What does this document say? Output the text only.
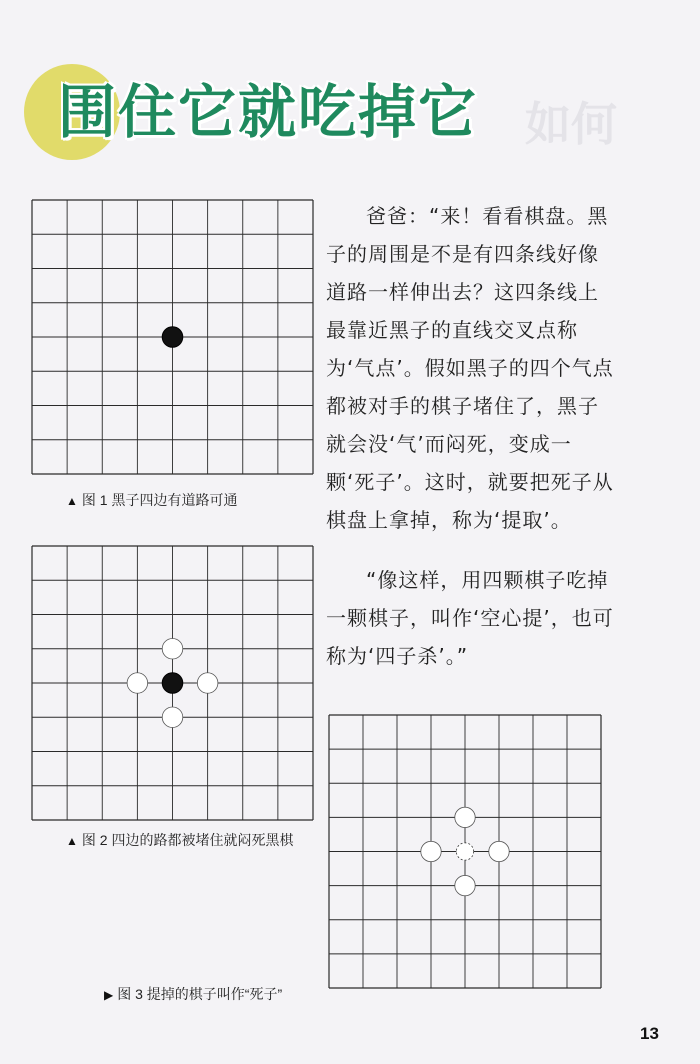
如何

围住它就吃掉它
▲ 图 1 黑子四边有道路可通
▲ 图 2 四边的路都被堵住就闷死黑棋
▶ 图 3 提掉的棋子叫作“死子”

爸爸：“来！看看棋盘。黑子的周围是不是有四条线好像道路一样伸出去？这四条线上最靠近黑子的直线交叉点称为‘气点’。假如黑子的四个气点都被对手的棋子堵住了，黑子就会没‘气’而闷死，变成一颗‘死子’。这时，就要把死子从棋盘上拿掉，称为‘提取’。

“像这样，用四颗棋子吃掉一颗棋子，叫作‘空心提’，也可称为‘四子杀’。”

13
